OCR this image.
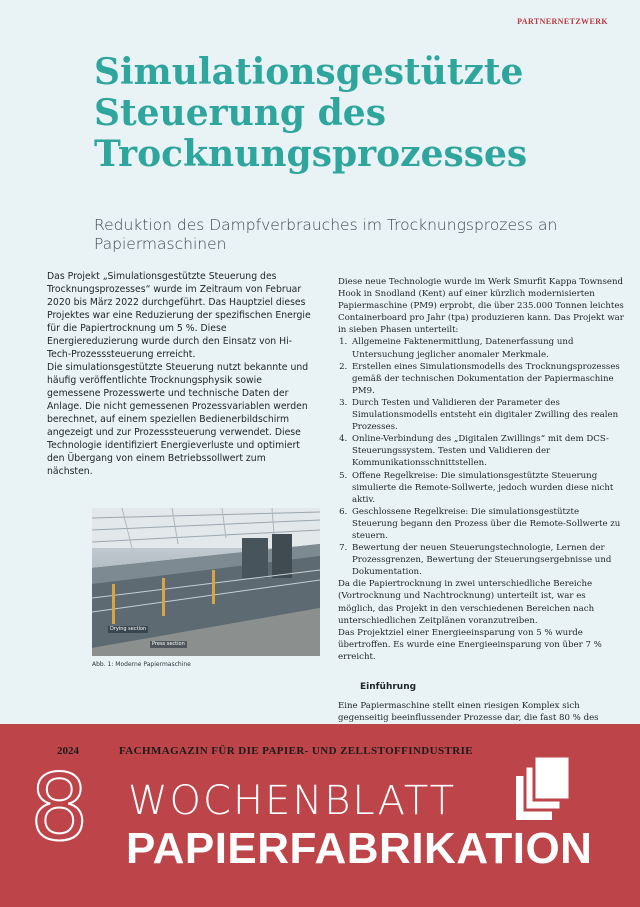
PARTNERNETZWERK
Simulationsgestützte Steuerung des Trocknungsprozesses
Reduktion des Dampfverbrauches im Trocknungsprozess an Papiermaschinen

Das Projekt „Simulationsgestützte Steuerung des Trocknungsprozesses“ wurde im Zeitraum von Februar 2020 bis März 2022 durchgeführt. Das Hauptziel dieses Projektes war eine Reduzierung der spezifischen Energie für die Papiertrocknung um 5 %. Diese Energiereduzierung wurde durch den Einsatz von Hi-Tech-Prozesssteuerung erreicht.

Die simulationsgestützte Steuerung nutzt bekannte und häufig veröffentlichte Trocknungsphysik sowie gemessene Prozesswerte und technische Daten der Anlage. Die nicht gemessenen Prozessvariablen werden berechnet, auf einem speziellen Bedienerbildschirm angezeigt und zur Prozesssteuerung verwendet. Diese Technologie identifiziert Energieverluste und optimiert den Übergang von einem Betriebssollwert zum nächsten.

Drying section
Press section
Abb. 1: Moderne Papiermaschine

Diese neue Technologie wurde im Werk Smurfit Kappa Townsend Hook in Snodland (Kent) auf einer kürzlich modernisierten Papiermaschine (PM9) erprobt, die über 235.000 Tonnen leichtes Containerboard pro Jahr (tpa) produzieren kann. Das Projekt war in sieben Phasen unterteilt:

1. Allgemeine Faktenermittlung, Datenerfassung und Untersuchung jeglicher anomaler Merkmale.
2. Erstellen eines Simulationsmodells des Trocknungsprozesses gemäß der technischen Dokumentation der Papiermaschine PM9.
3. Durch Testen und Validieren der Parameter des Simulationsmodells entsteht ein digitaler Zwilling des realen Prozesses.
4. Online-Verbindung des „Digitalen Zwillings“ mit dem DCS-Steuerungssystem. Testen und Validieren der Kommunikationsschnittstellen.
5. Offene Regelkreise: Die simulationsgestützte Steuerung simulierte die Remote-Sollwerte, jedoch wurden diese nicht aktiv.
6. Geschlossene Regelkreise: Die simulationsgestützte Steuerung begann den Prozess über die Remote-Sollwerte zu steuern.
7. Bewertung der neuen Steuerungstechnologie, Lernen der Prozessgrenzen, Bewertung der Steuerungsergebnisse und Dokumentation.

Da die Papiertrocknung in zwei unterschiedliche Bereiche (Vortrocknung und Nachtrocknung) unterteilt ist, war es möglich, das Projekt in den verschiedenen Bereichen nach unterschiedlichen Zeitplänen voranzutreiben.

Das Projektziel einer Energieeinsparung von 5 % wurde übertroffen. Es wurde eine Energieeinsparung von über 7 % erreicht.

Einführung
Eine Papiermaschine stellt einen riesigen Komplex sich gegenseitig beeinflussender Prozesse dar, die fast 80 % des
2024	FACHMAGAZIN FÜR DIE PAPIER- UND ZELLSTOFFINDUSTRIE
8 WOCHENBLATT
PAPIERFABRIKATION
